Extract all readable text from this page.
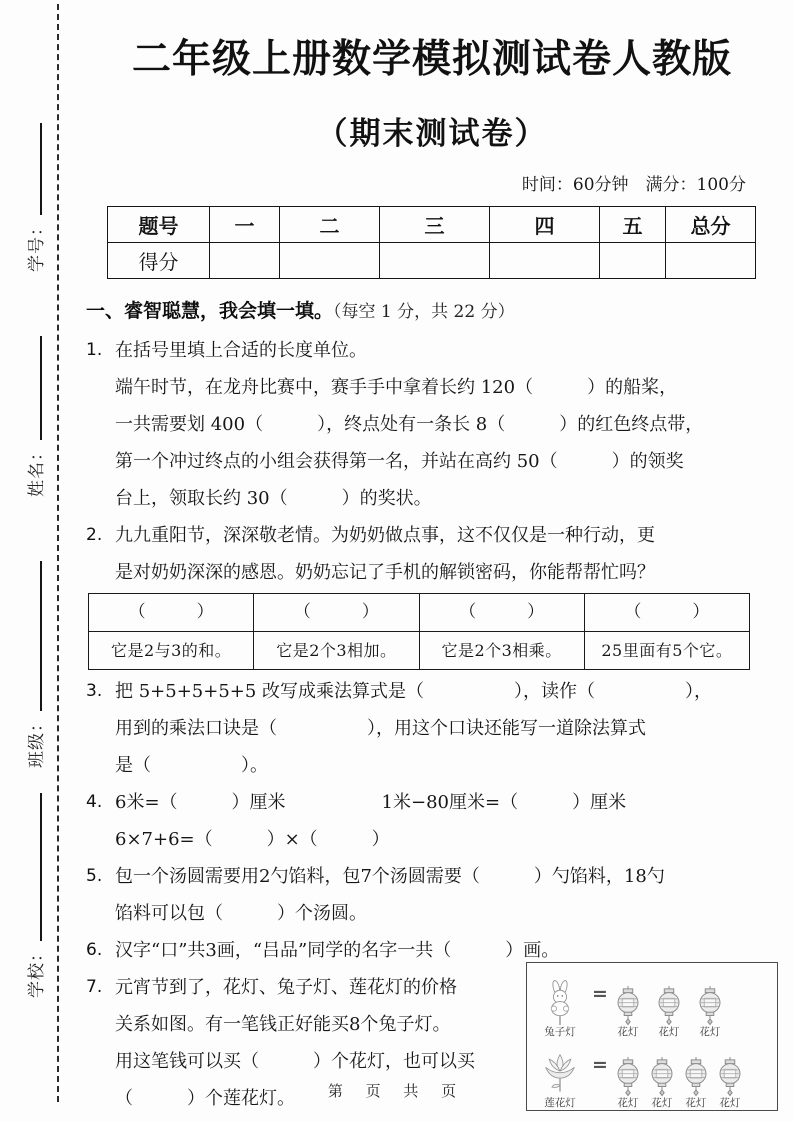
学号：
姓名：
班级：
学校：
二年级上册数学模拟测试卷人教版
（期末测试卷）
时间：60分钟　满分：100分
题号	一	二	三	四	五	总分
得分						
一、睿智聪慧，我会填一填。（每空 1 分，共 22 分）
1. 在括号里填上合适的长度单位。
端午时节，在龙舟比赛中，赛手手中拿着长约 120（　　　）的船桨，
一共需要划 400（　　　），终点处有一条长 8（　　　）的红色终点带，
第一个冲过终点的小组会获得第一名，并站在高约 50（　　　）的领奖
台上，领取长约 30（　　　）的奖状。
2. 九九重阳节，深深敬老情。为奶奶做点事，这不仅仅是一种行动，更
是对奶奶深深的感恩。奶奶忘记了手机的解锁密码，你能帮帮忙吗？
（　　　）	（　　　）	（　　　）	（　　　）
它是2与3的和。	它是2个3相加。	它是2个3相乘。	25里面有5个它。
3. 把 5+5+5+5+5 改写成乘法算式是（　　　　　），读作（　　　　　），
用到的乘法口诀是（　　　　　），用这个口诀还能写一道除法算式
是（　　　　　）。
4. 6米=（　　　）厘米	1米−80厘米=（　　　）厘米
6×7+6=（　　　）×（　　　）
5. 包一个汤圆需要用2勺馅料，包7个汤圆需要（　　　）勺馅料，18勺
馅料可以包（　　　）个汤圆。
6. 汉字“口”共3画，“吕品”同学的名字一共（　　　）画。
7. 元宵节到了，花灯、兔子灯、莲花灯的价格
关系如图。有一笔钱正好能买8个兔子灯。
用这笔钱可以买（　　　）个花灯，也可以买
（　　　）个莲花灯。
兔子灯
=
花灯 花灯 花灯
莲花灯
=
花灯 花灯 花灯 花灯
第 页 共 页
